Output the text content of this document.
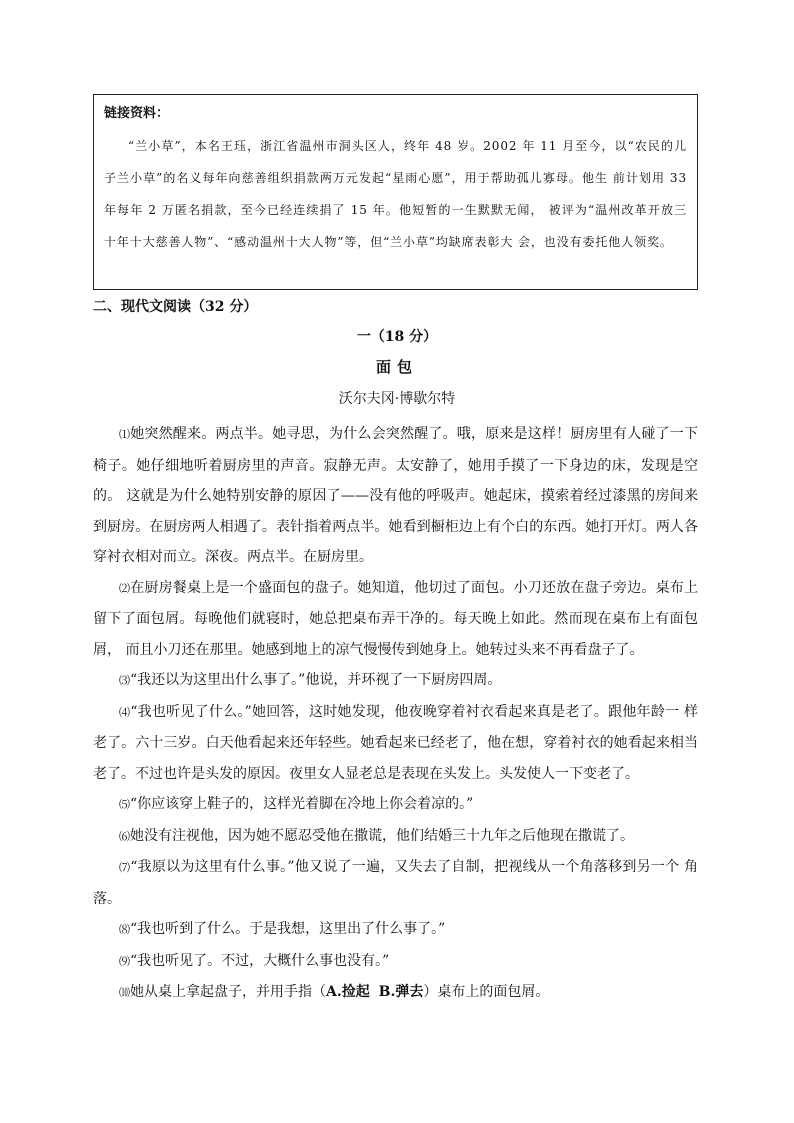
链接资料：

“兰小草”，本名王珏，浙江省温州市洞头区人，终年 48 岁。2002 年 11 月至今，以“农民的儿子兰小草”的名义每年向慈善组织捐款两万元发起“星雨心愿”，用于帮助孤儿寡母。他生 前计划用 33 年每年 2 万匿名捐款，至今已经连续捐了 15 年。他短暂的一生默默无闻， 被评为“温州改革开放三十年十大慈善人物”、“感动温州十大人物”等，但“兰小草”均缺席表彰大 会，也没有委托他人领奖。

二、现代文阅读（32 分）
一（18 分）
面包
沃尔夫冈·博歇尔特

⑴她突然醒来。两点半。她寻思，为什么会突然醒了。哦，原来是这样！厨房里有人碰了一下椅子。她仔细地听着厨房里的声音。寂静无声。太安静了，她用手摸了一下身边的床，发现是空的。 这就是为什么她特别安静的原因了——没有他的呼吸声。她起床，摸索着经过漆黑的房间来到厨房。在厨房两人相遇了。表针指着两点半。她看到橱柜边上有个白的东西。她打开灯。两人各穿衬衣相对而立。深夜。两点半。在厨房里。

⑵在厨房餐桌上是一个盛面包的盘子。她知道，他切过了面包。小刀还放在盘子旁边。桌布上留下了面包屑。每晚他们就寝时，她总把桌布弄干净的。每天晚上如此。然而现在桌布上有面包屑， 而且小刀还在那里。她感到地上的凉气慢慢传到她身上。她转过头来不再看盘子了。

⑶“我还以为这里出什么事了。”他说，并环视了一下厨房四周。

⑷“我也听见了什么。”她回答，这时她发现，他夜晚穿着衬衣看起来真是老了。跟他年龄一 样老了。六十三岁。白天他看起来还年轻些。她看起来已经老了，他在想，穿着衬衣的她看起来相当老了。不过也许是头发的原因。夜里女人显老总是表现在头发上。头发使人一下变老了。

⑸“你应该穿上鞋子的，这样光着脚在冷地上你会着凉的。”

⑹她没有注视他，因为她不愿忍受他在撒谎，他们结婚三十九年之后他现在撒谎了。

⑺“我原以为这里有什么事。”他又说了一遍，又失去了自制，把视线从一个角落移到另一个 角落。

⑻“我也听到了什么。于是我想，这里出了什么事了。”

⑼“我也听见了。不过，大概什么事也没有。”

⑽她从桌上拿起盘子，并用手指（A.捡起 B.弹去）桌布上的面包屑。
